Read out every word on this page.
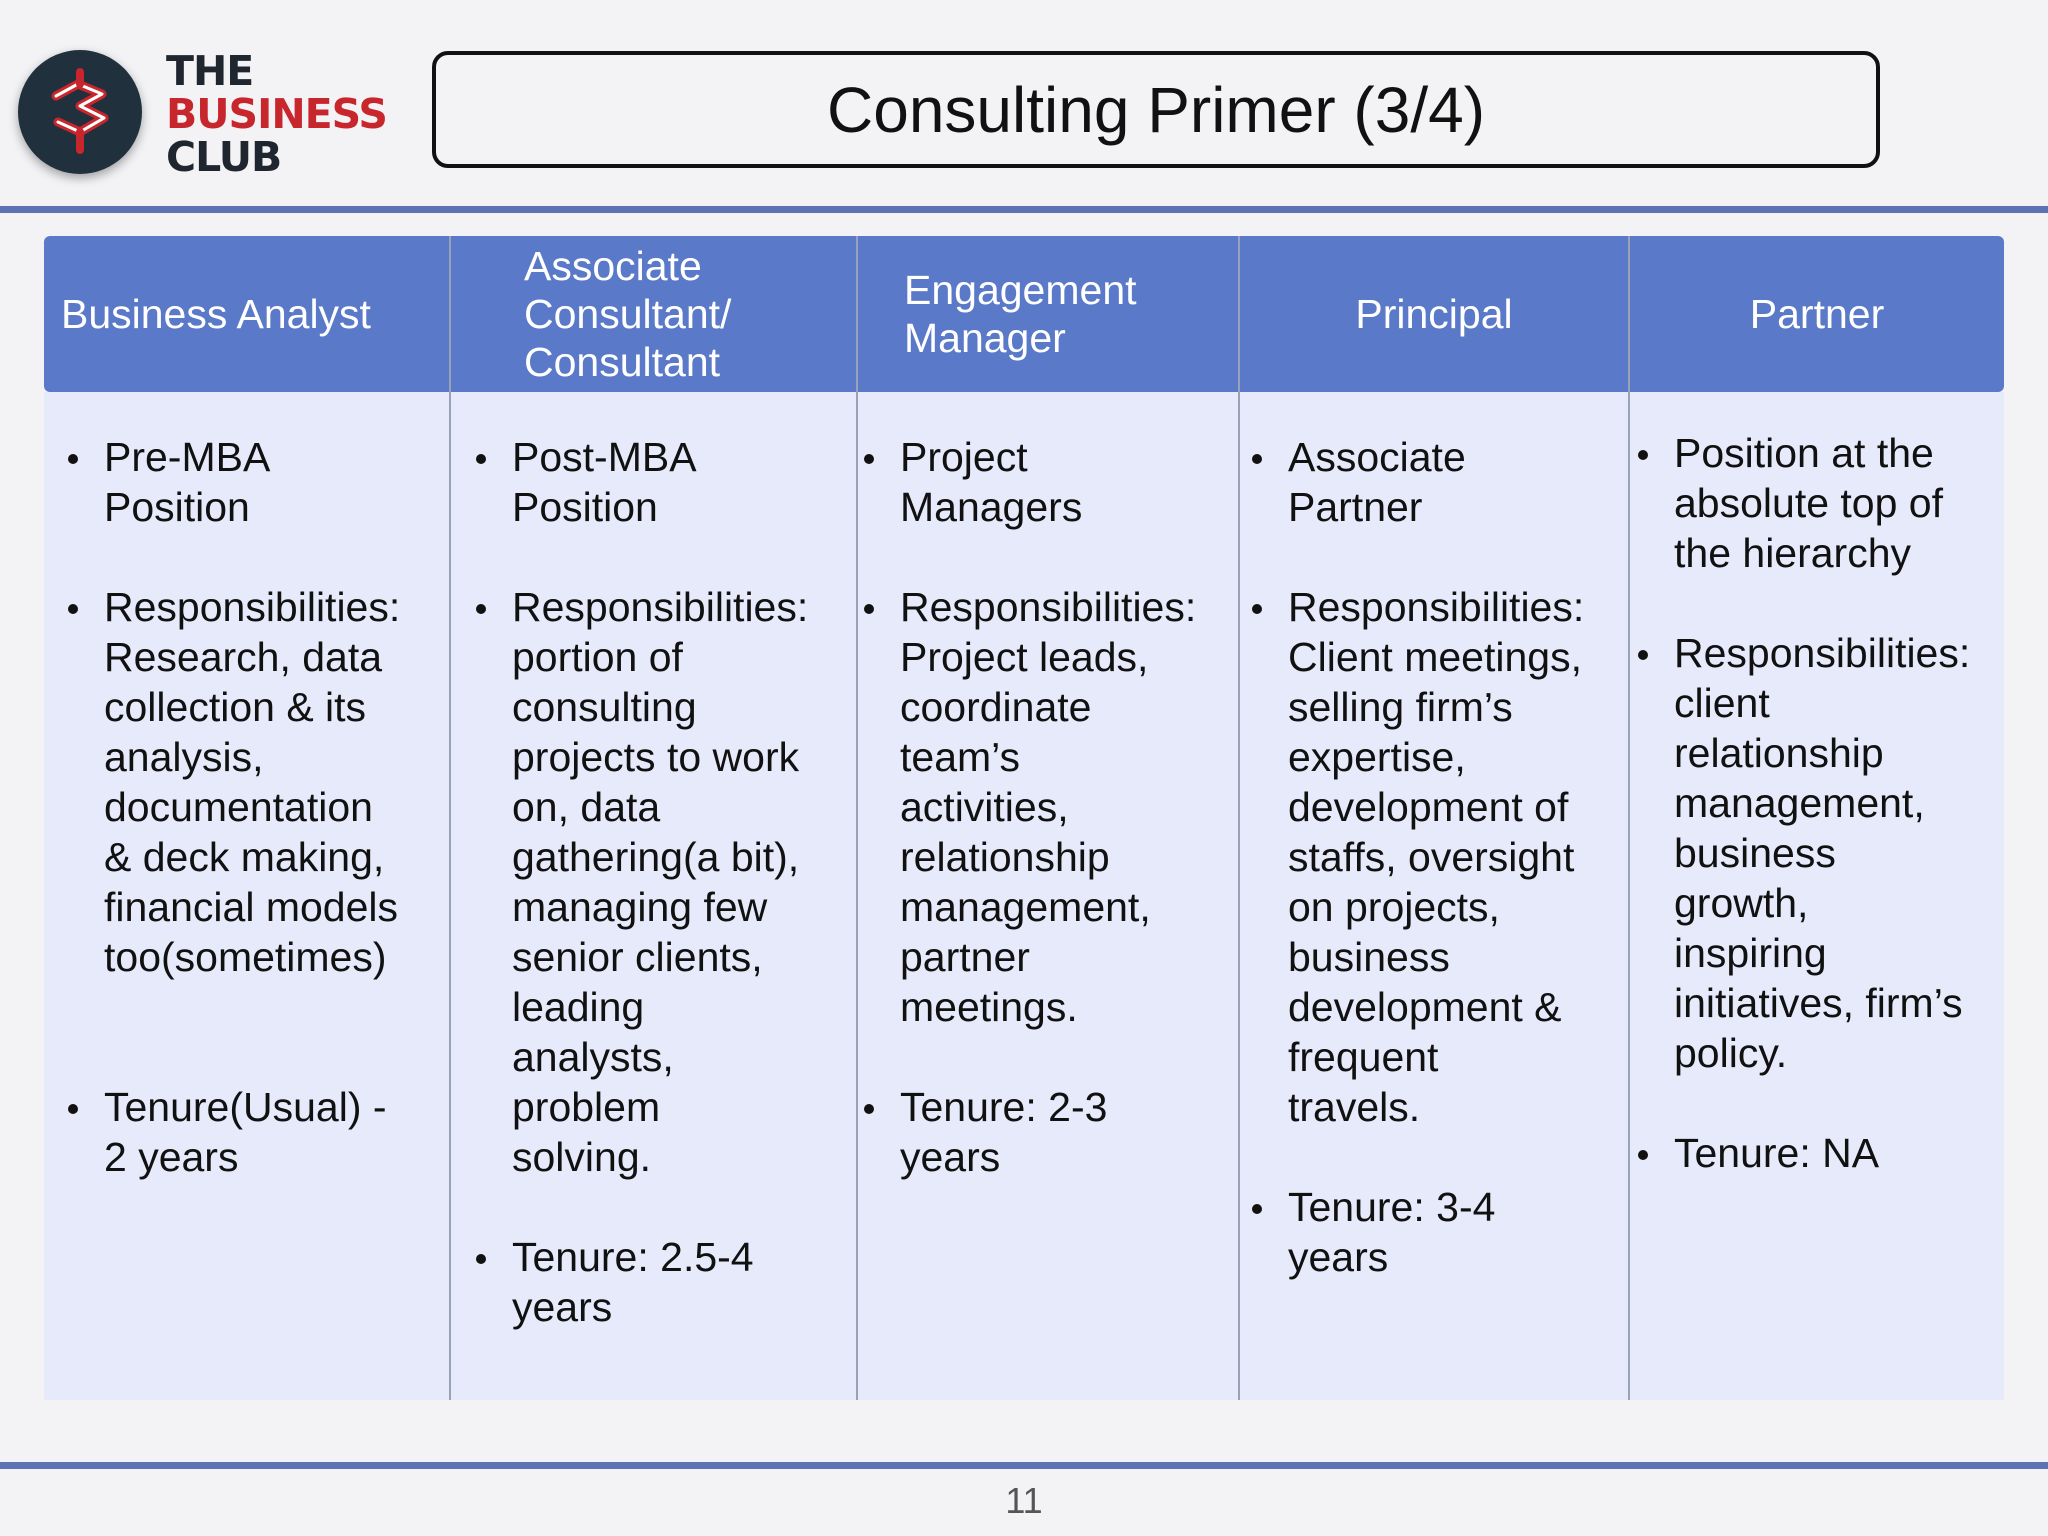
THE
BUSINESS
CLUB
Consulting Primer (3/4)
Business Analyst
Associate
Consultant/
Consultant
Engagement
Manager
Principal	Partner
Pre-MBA
Position
Responsibilities:
Research, data
collection & its
analysis,
documentation
& deck making,
financial models
too(sometimes)
Tenure(Usual) -
2 years
Post-MBA
Position
Responsibilities:
portion of
consulting
projects to work
on, data
gathering(a bit),
managing few
senior clients,
leading
analysts,
problem
solving.
Tenure: 2.5-4
years
Project
Managers
Responsibilities:
Project leads,
coordinate
team’s
activities,
relationship
management,
partner
meetings.
Tenure: 2-3
years
Associate
Partner
Responsibilities:
Client meetings,
selling firm’s
expertise,
development of
staffs, oversight
on projects,
business
development &
frequent
travels.
Tenure: 3-4
years
Position at the
absolute top of
the hierarchy
Responsibilities:
client
relationship
management,
business
growth,
inspiring
initiatives, firm’s
policy.
Tenure: NA
11
